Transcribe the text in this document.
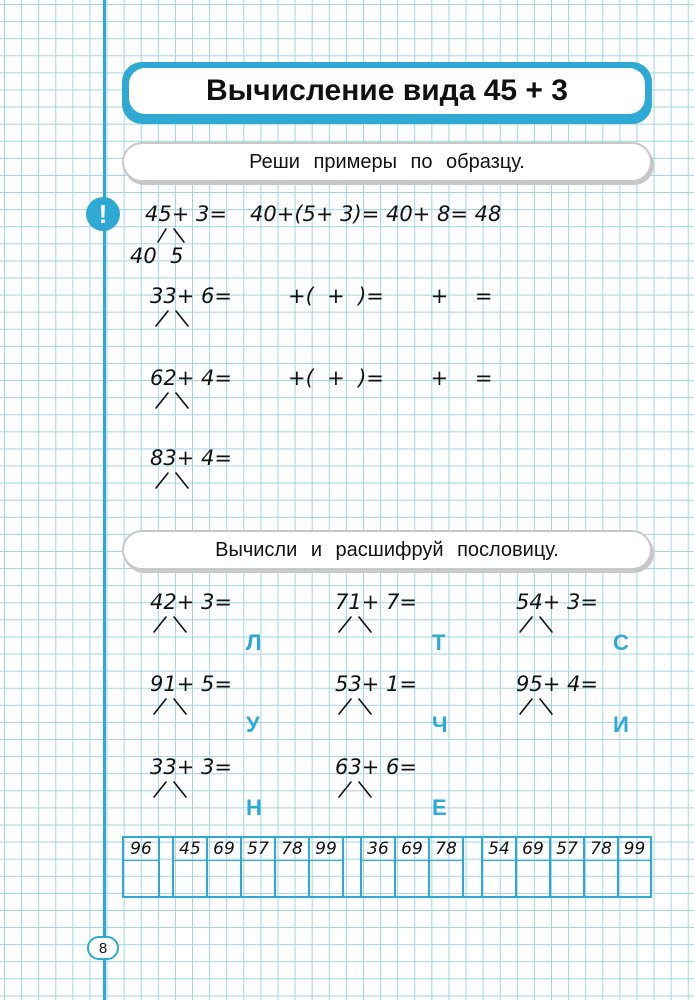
Вычисление вида 45 + 3
Реши примеры по образцу.
!	45+ 3= 40+(5+ 3)= 40+ 8= 48
40  5
33+ 6=	+(  +  )=       +    =
62+ 4=	+(  +  )=       +    =
83+ 4=
Вычисли и расшифруй пословицу.
42+ 3=
Л
71+ 7=
Т
54+ 3=
С
91+ 5=
У
53+ 1=
Ч
95+ 4=
И
33+ 3=
Н
63+ 6=
Е
96	45 69 57 78 99	36 69 78	54 69 57 78 99
8
